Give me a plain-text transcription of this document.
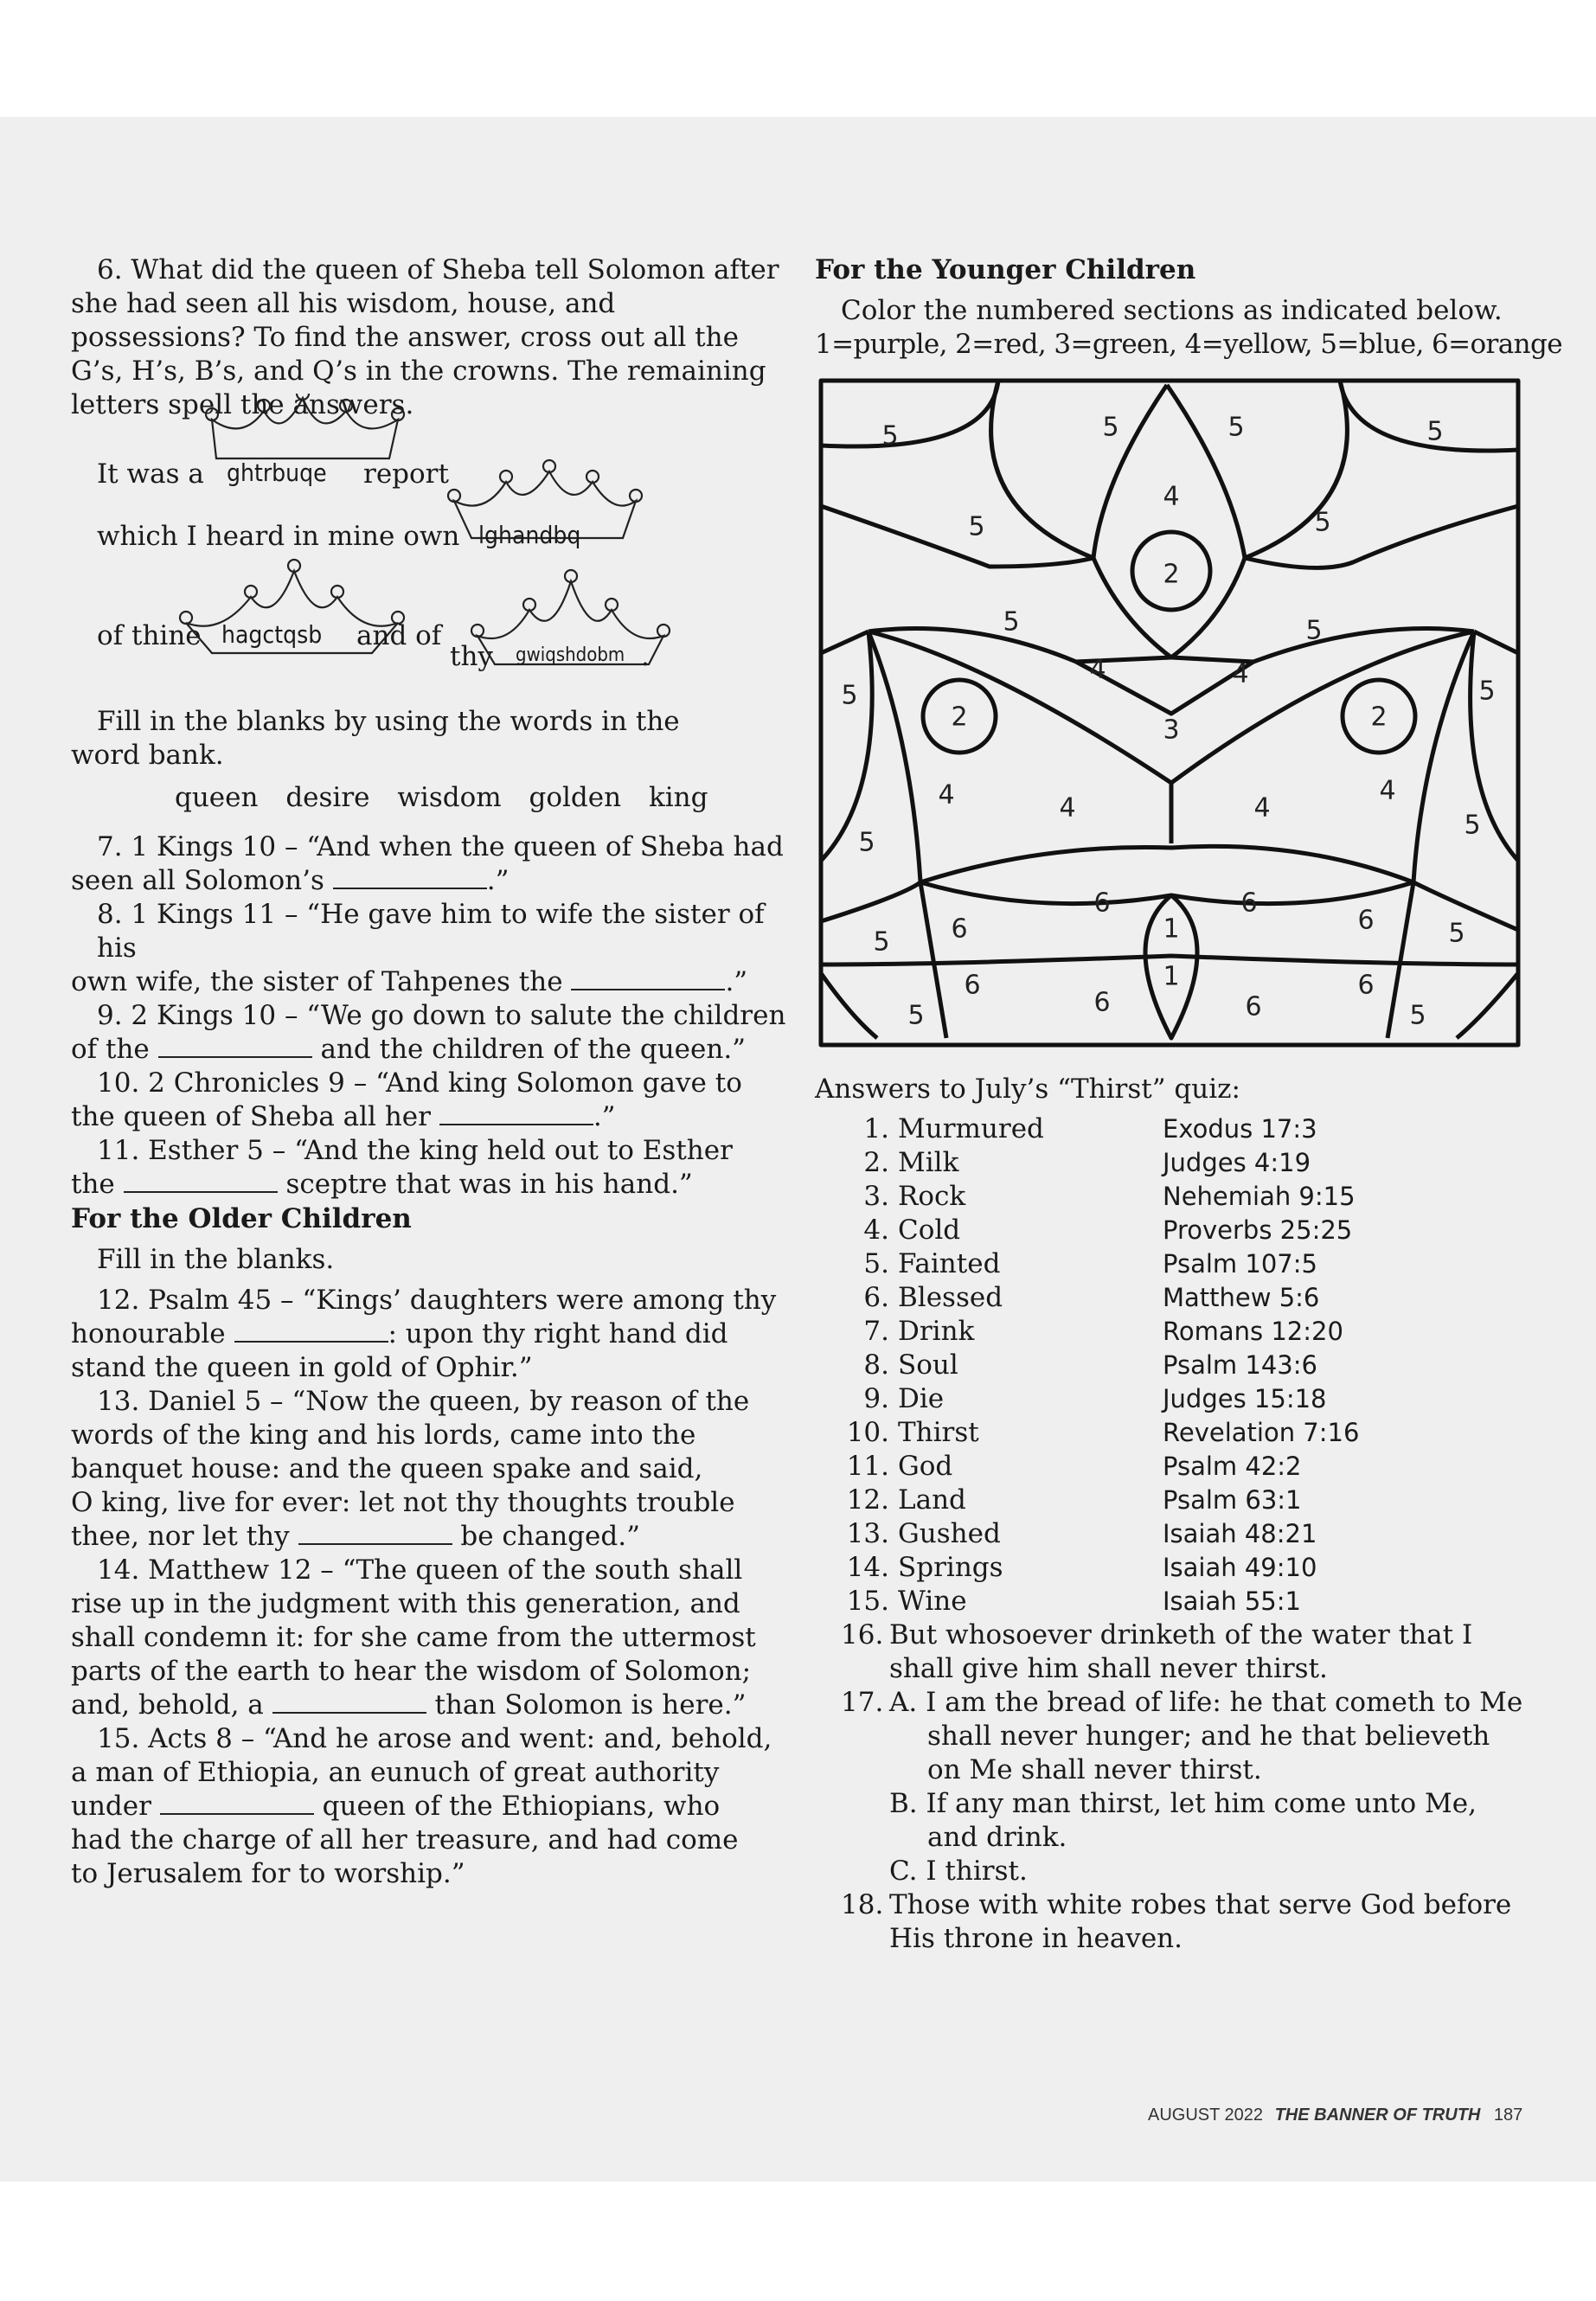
6. What did the queen of Sheba tell Solomon after she had seen all his wisdom, house, and possessions? To find the answer, cross out all the G’s, H’s, B’s, and Q’s in the crowns. The remaining letters spell the answers.
It was a ghtrbuqe report
which I heard in mine own lghandbq
of thine hagctqsb and of
thy gwiqshdobm .
Fill in the blanks by using the words in the word bank.
queen desire wisdom golden king
7. 1 Kings 10 – “And when the queen of Sheba had
seen all Solomon’s	.”
8. 1 Kings 11 – “He gave him to wife the sister of his
own wife, the sister of Tahpenes the	.”
9. 2 Kings 10 – “We go down to salute the children
of the	and the children of the queen.”
10. 2 Chronicles 9 – “And king Solomon gave to
the queen of Sheba all her	.”
11. Esther 5 – “And the king held out to Esther
the	sceptre that was in his hand.”
For the Older Children
Fill in the blanks.
12. Psalm 45 – “Kings’ daughters were among thy
honourable	: upon thy right hand did
stand the queen in gold of Ophir.”
13. Daniel 5 – “Now the queen, by reason of the
words of the king and his lords, came into the
banquet house: and the queen spake and said,
O king, live for ever: let not thy thoughts trouble
thee, nor let thy	be changed.”
14. Matthew 12 – “The queen of the south shall
rise up in the judgment with this generation, and
shall condemn it: for she came from the uttermost
parts of the earth to hear the wisdom of Solomon;
and, behold, a	than Solomon is here.”
15. Acts 8 – “And he arose and went: and, behold,
a man of Ethiopia, an eunuch of great authority
under	queen of the Ethiopians, who
had the charge of all her treasure, and had come
to Jerusalem for to worship.”
For the Younger Children
Color the numbered sections as indicated below.
1=purple, 2=red, 3=green, 4=yellow, 5=blue, 6=orange
5	5	5	5
4
5	5
2
5	5
4	4
5	5
2	3	2
4	4	4
4
5
5
6	6
6	6
1
5	5
1
6
6	6
6
5	5
Answers to July’s “Thirst” quiz:
1. Murmured	Exodus 17:3
2. Milk	Judges 4:19
3. Rock	Nehemiah 9:15
4. Cold	Proverbs 25:25
5. Fainted	Psalm 107:5
6. Blessed	Matthew 5:6
7. Drink	Romans 12:20
8. Soul	Psalm 143:6
9. Die	Judges 15:18
10. Thirst	Revelation 7:16
11. God	Psalm 42:2
12. Land	Psalm 63:1
13. Gushed	Isaiah 48:21
14. Springs	Isaiah 49:10
15. Wine	Isaiah 55:1
16. But whosoever drinketh of the water that I
shall give him shall never thirst.
17. A. I am the bread of life: he that cometh to Me
shall never hunger; and he that believeth
on Me shall never thirst.
B. If any man thirst, let him come unto Me,
and drink.
C. I thirst.
18. Those with white robes that serve God before
His throne in heaven.
AUGUST 2022 THE BANNER OF TRUTH 187
